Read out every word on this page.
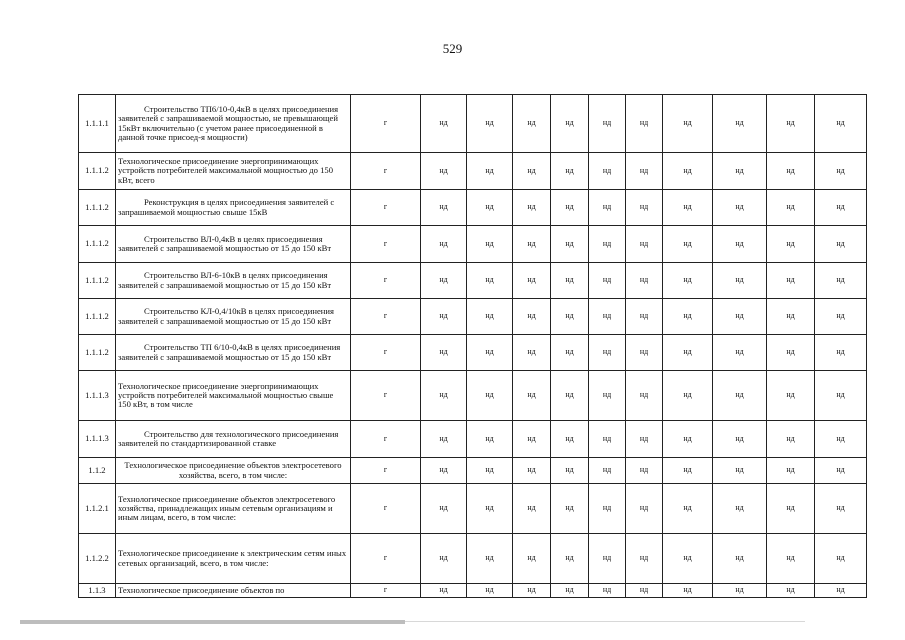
529
1.1.1.1	Строительство ТП6/10-0,4кВ в целях присоединения заявителей с запрашиваемой мощностью, не превышающей 15кВт включительно (с учетом ранее присоединенной в данной точке присоед-я мощности)	г	нд	нд	нд	нд	нд	нд	нд	нд	нд	нд
1.1.1.2	Технологическое присоединение энергопринимающих устройств потребителей максимальной мощностью до 150 кВт, всего	г	нд	нд	нд	нд	нд	нд	нд	нд	нд	нд
1.1.1.2	Реконструкция в целях присоединения заявителей с запрашиваемой мощностью свыше 15кВ	г	нд	нд	нд	нд	нд	нд	нд	нд	нд	нд
1.1.1.2	Строительство ВЛ-0,4кВ в целях присоединения заявителей с запрашиваемой мощностью от 15 до 150 кВт	г	нд	нд	нд	нд	нд	нд	нд	нд	нд	нд
1.1.1.2	Строительство ВЛ-6-10кВ в целях присоединения заявителей с запрашиваемой мощностью от 15 до 150 кВт	г	нд	нд	нд	нд	нд	нд	нд	нд	нд	нд
1.1.1.2	Строительство КЛ-0,4/10кВ в целях присоединения заявителей с запрашиваемой мощностью от 15 до 150 кВт	г	нд	нд	нд	нд	нд	нд	нд	нд	нд	нд
1.1.1.2	Строительство ТП 6/10-0,4кВ в целях присоединения заявителей с запрашиваемой мощностью от 15 до 150 кВт	г	нд	нд	нд	нд	нд	нд	нд	нд	нд	нд
1.1.1.3	Технологическое присоединение энергопринимающих устройств потребителей максимальной мощностью свыше 150 кВт, в том числе	г	нд	нд	нд	нд	нд	нд	нд	нд	нд	нд
1.1.1.3	Строительство для технологического присоединения заявителей по стандартизированной ставке	г	нд	нд	нд	нд	нд	нд	нд	нд	нд	нд
1.1.2	Технологическое присоединение объектов электросетевого хозяйства, всего, в том числе:	г	нд	нд	нд	нд	нд	нд	нд	нд	нд	нд
1.1.2.1	Технологическое присоединение объектов электросетевого хозяйства, принадлежащих иным сетевым организациям и иным лицам, всего, в том числе:	г	нд	нд	нд	нд	нд	нд	нд	нд	нд	нд
1.1.2.2	Технологическое присоединение к электрическим сетям иных сетевых организаций, всего, в том числе:	г	нд	нд	нд	нд	нд	нд	нд	нд	нд	нд
1.1.3	Технологическое присоединение объектов по	г	нд	нд	нд	нд	нд	нд	нд	нд	нд	нд
